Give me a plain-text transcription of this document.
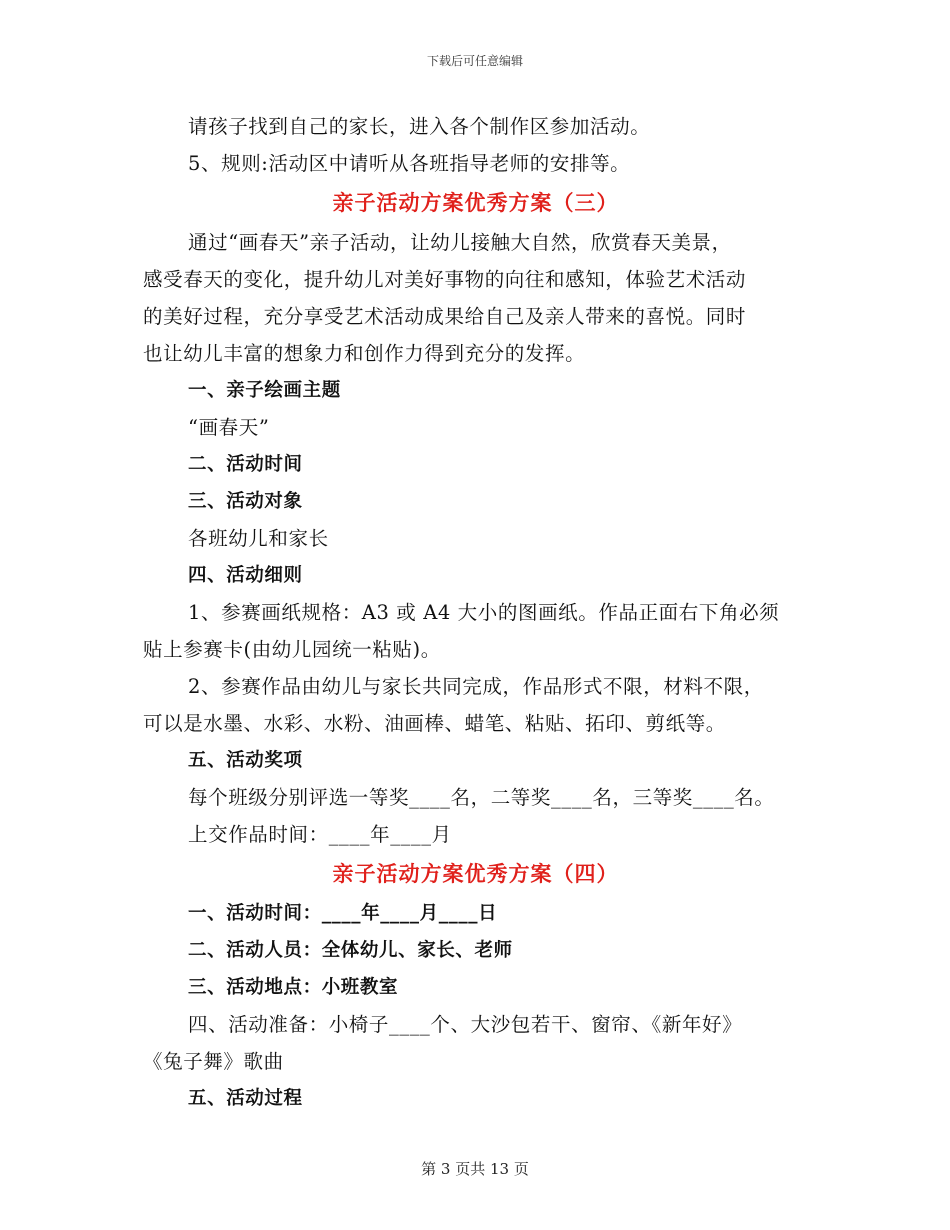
下载后可任意编辑
请孩子找到自己的家长，进入各个制作区参加活动。
5、规则:活动区中请听从各班指导老师的安排等。
亲子活动方案优秀方案（三）
通过“画春天”亲子活动，让幼儿接触大自然，欣赏春天美景，
感受春天的变化，提升幼儿对美好事物的向往和感知，体验艺术活动
的美好过程，充分享受艺术活动成果给自己及亲人带来的喜悦。同时
也让幼儿丰富的想象力和创作力得到充分的发挥。
一、亲子绘画主题
“画春天”
二、活动时间
三、活动对象
各班幼儿和家长
四、活动细则
1、参赛画纸规格：A3 或 A4 大小的图画纸。作品正面右下角必须
贴上参赛卡(由幼儿园统一粘贴)。
2、参赛作品由幼儿与家长共同完成，作品形式不限，材料不限，
可以是水墨、水彩、水粉、油画棒、蜡笔、粘贴、拓印、剪纸等。
五、活动奖项
每个班级分别评选一等奖____名，二等奖____名，三等奖____名。
上交作品时间：____年____月
亲子活动方案优秀方案（四）
一、活动时间：____年____月____日
二、活动人员：全体幼儿、家长、老师
三、活动地点：小班教室
四、活动准备：小椅子____个、大沙包若干、窗帘、《新年好》
《兔子舞》歌曲
五、活动过程
第 3 页共 13 页
